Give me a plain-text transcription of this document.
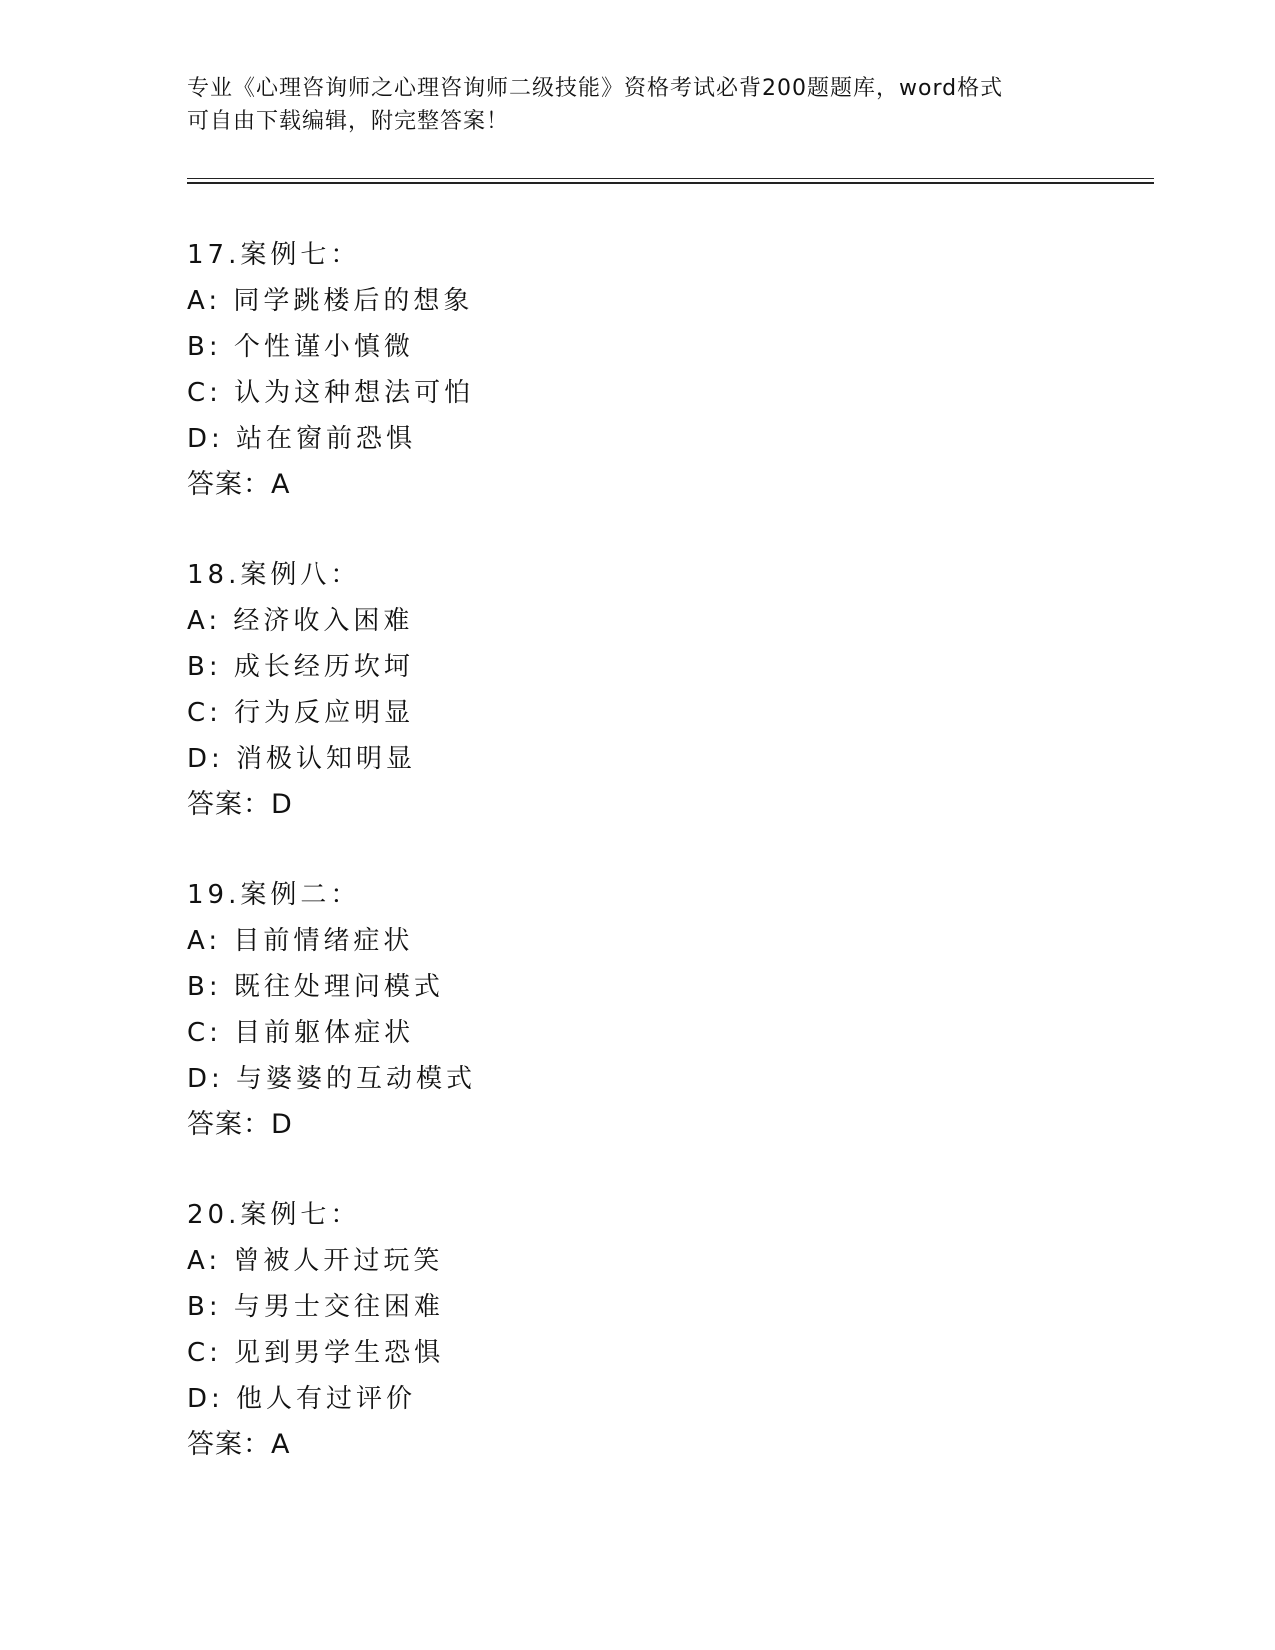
专业《心理咨询师之心理咨询师二级技能》资格考试必背200题题库，word格式
可自由下载编辑，附完整答案！
17.案例七：
A: 同学跳楼后的想象
B: 个性谨小慎微
C: 认为这种想法可怕
D: 站在窗前恐惧
答案：A
18.案例八：
A: 经济收入困难
B: 成长经历坎坷
C: 行为反应明显
D: 消极认知明显
答案：D
19.案例二：
A: 目前情绪症状
B: 既往处理问模式
C: 目前躯体症状
D: 与婆婆的互动模式
答案：D
20.案例七：
A: 曾被人开过玩笑
B: 与男士交往困难
C: 见到男学生恐惧
D: 他人有过评价
答案：A
